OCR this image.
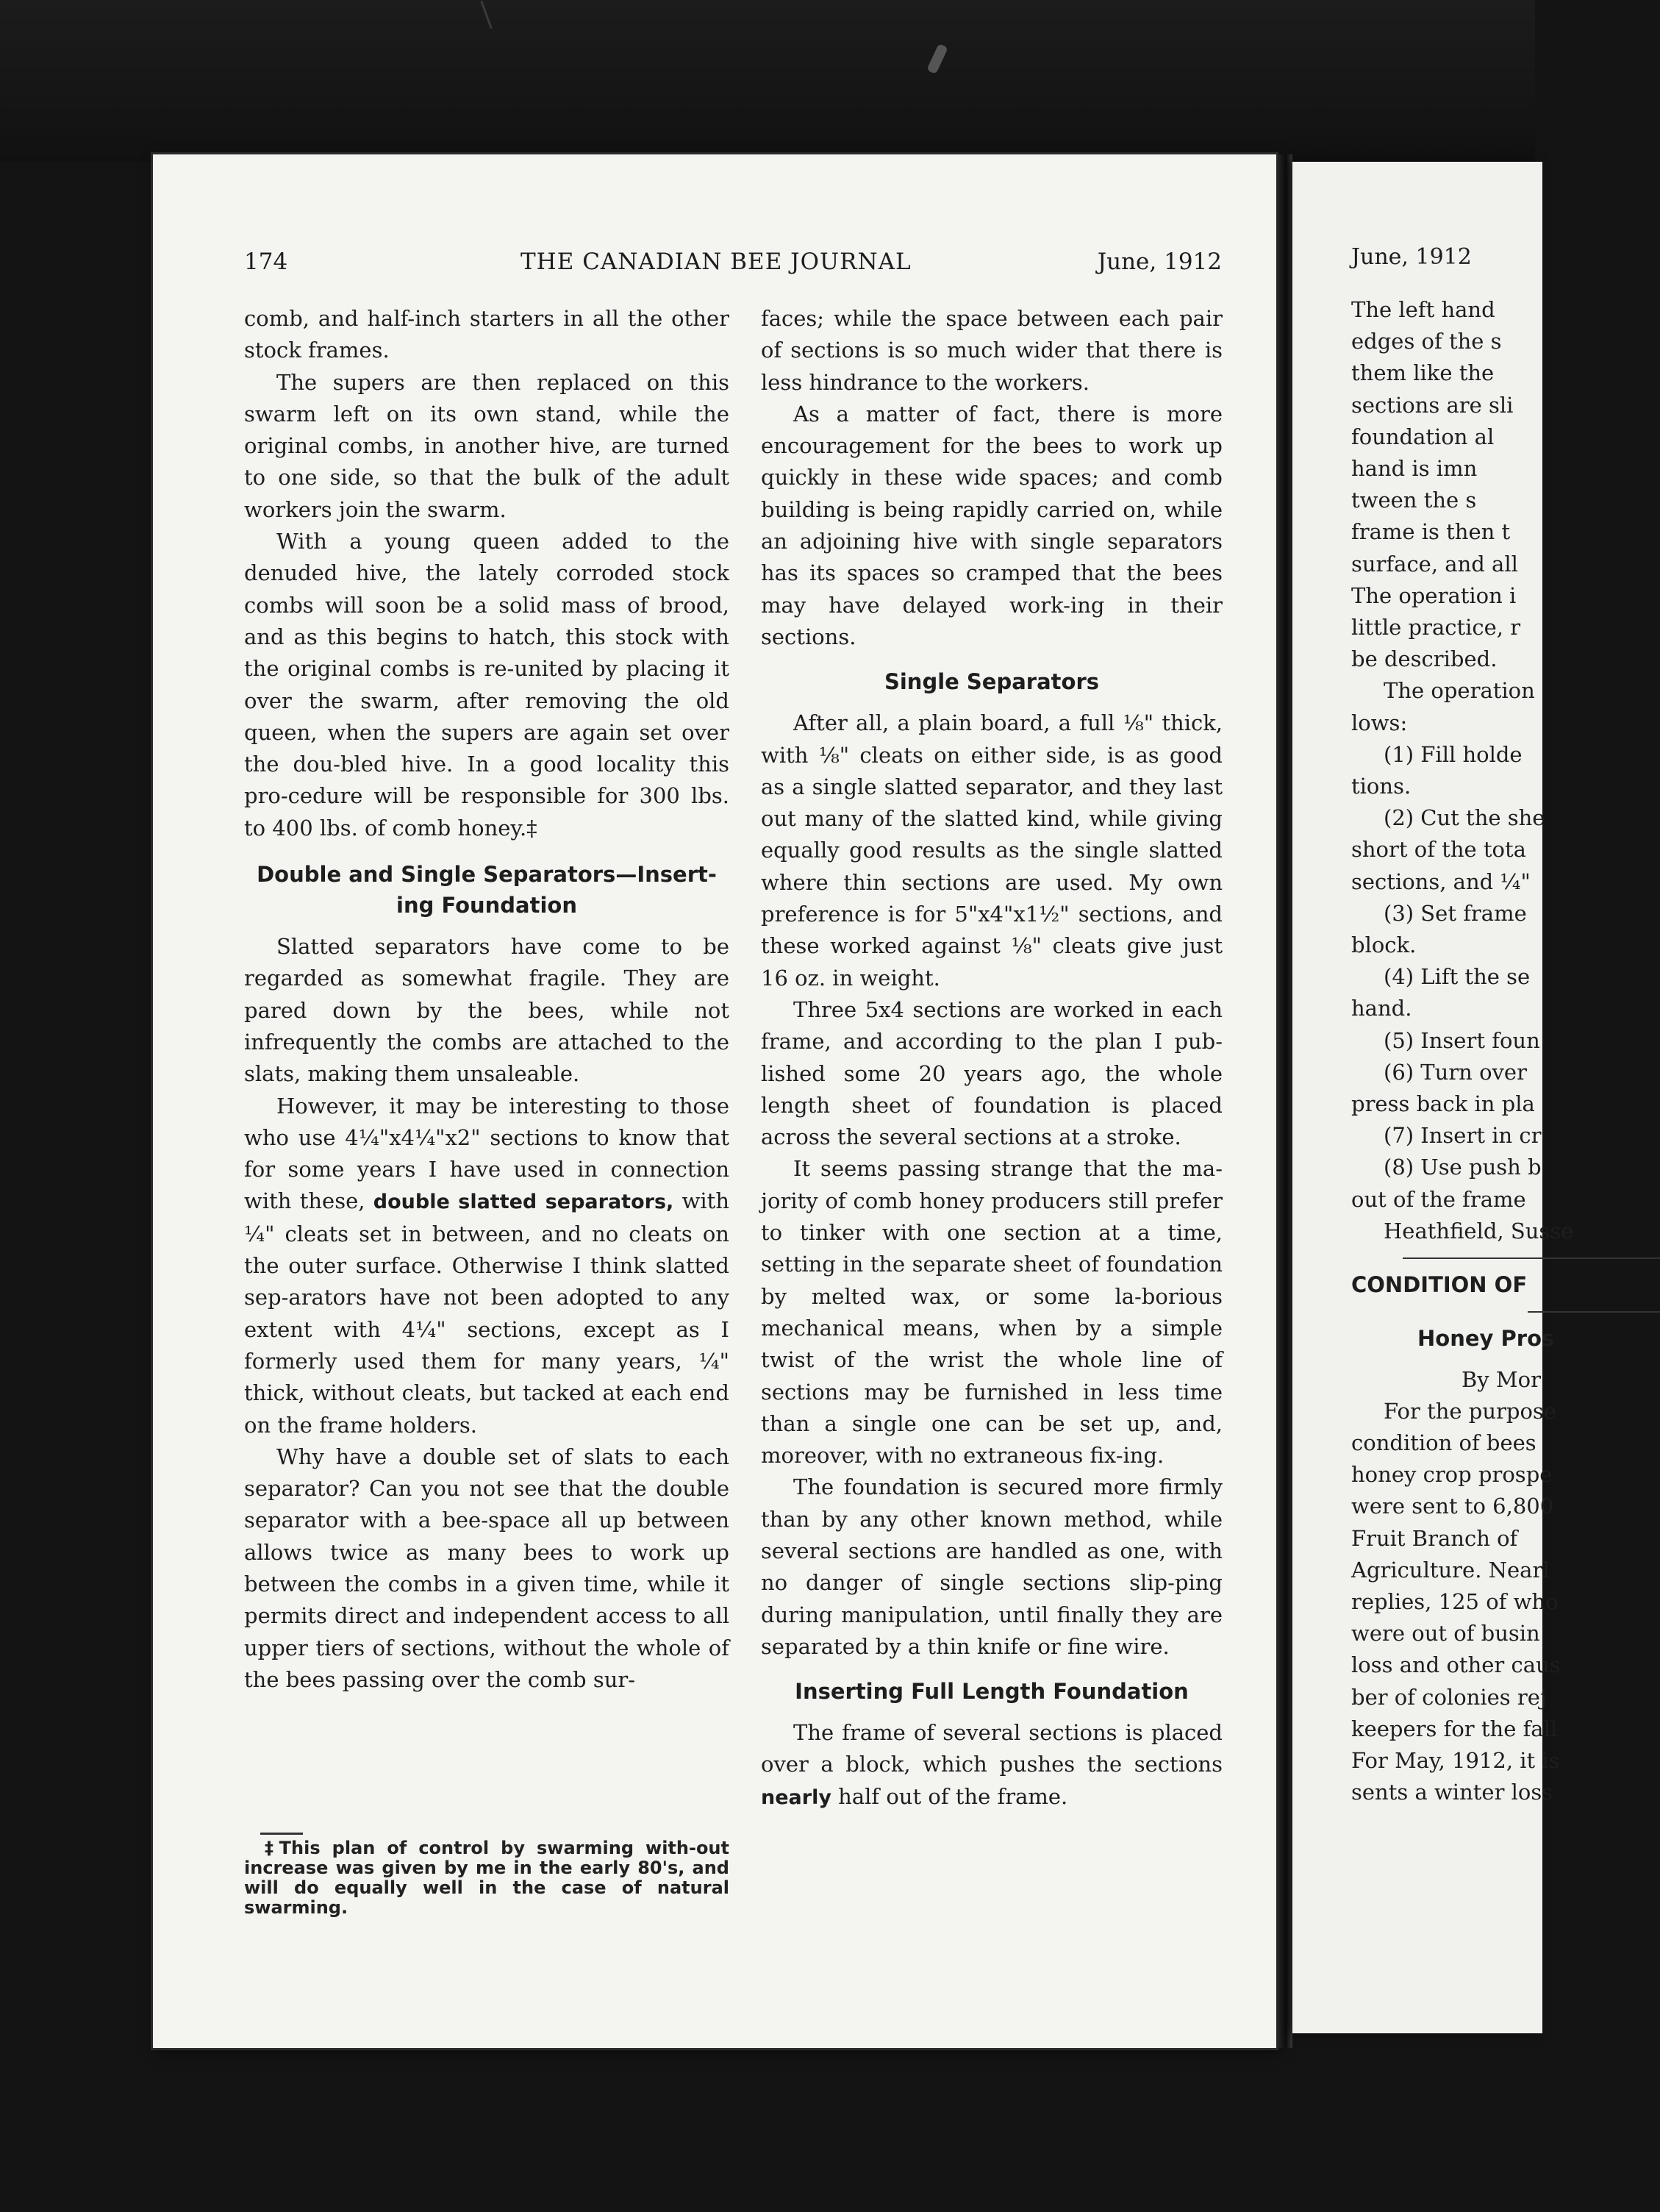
174	THE CANADIAN BEE JOURNAL	June, 1912

comb, and half-inch starters in all the other stock frames.

The supers are then replaced on this swarm left on its own stand, while the original combs, in another hive, are turned to one side, so that the bulk of the adult workers join the swarm.

With a young queen added to the denuded hive, the lately corroded stock combs will soon be a solid mass of brood, and as this begins to hatch, this stock with the original combs is re-united by placing it over the swarm, after removing the old queen, when the supers are again set over the dou-bled hive. In a good locality this pro-cedure will be responsible for 300 lbs. to 400 lbs. of comb honey.‡

Double and Single Separators—Insert-ing Foundation

Slatted separators have come to be regarded as somewhat fragile. They are pared down by the bees, while not infrequently the combs are attached to the slats, making them unsaleable.

However, it may be interesting to those who use 4¼"x4¼"x2" sections to know that for some years I have used in connection with these, double slatted separators, with ¼" cleats set in between, and no cleats on the outer surface. Otherwise I think slatted sep-arators have not been adopted to any extent with 4¼" sections, except as I formerly used them for many years, ¼" thick, without cleats, but tacked at each end on the frame holders.

Why have a double set of slats to each separator? Can you not see that the double separator with a bee-space all up between allows twice as many bees to work up between the combs in a given time, while it permits direct and independent access to all upper tiers of sections, without the whole of the bees passing over the comb sur-

‡This plan of control by swarming with-out increase was given by me in the early 80's, and will do equally well in the case of natural swarming.

faces; while the space between each pair of sections is so much wider that there is less hindrance to the workers.

As a matter of fact, there is more encouragement for the bees to work up quickly in these wide spaces; and comb building is being rapidly carried on, while an adjoining hive with single separators has its spaces so cramped that the bees may have delayed work-ing in their sections.

Single Separators

After all, a plain board, a full ⅛" thick, with ⅛" cleats on either side, is as good as a single slatted separator, and they last out many of the slatted kind, while giving equally good results as the single slatted where thin sections are used. My own preference is for 5"x4"x1½" sections, and these worked against ⅛" cleats give just 16 oz. in weight.

Three 5x4 sections are worked in each frame, and according to the plan I pub-lished some 20 years ago, the whole length sheet of foundation is placed across the several sections at a stroke.

It seems passing strange that the ma-jority of comb honey producers still prefer to tinker with one section at a time, setting in the separate sheet of foundation by melted wax, or some la-borious mechanical means, when by a simple twist of the wrist the whole line of sections may be furnished in less time than a single one can be set up, and, moreover, with no extraneous fix-ing.

The foundation is secured more firmly than by any other known method, while several sections are handled as one, with no danger of single sections slip-ping during manipulation, until finally they are separated by a thin knife or fine wire.

Inserting Full Length Foundation

The frame of several sections is placed over a block, which pushes the sections nearly half out of the frame.

June, 1912
The left hand
edges of the s
them like the
sections are sli
foundation al
hand is imn
tween the s
frame is then t
surface, and all
The operation i
little practice, r
be described.
The operation
lows:
(1) Fill holde
tions.
(2) Cut the she
short of the tota
sections, and ¼"
(3) Set frame
block.
(4) Lift the se
hand.
(5) Insert foun
(6) Turn over
press back in pla
(7) Insert in cr
(8) Use push b
out of the frame
Heathfield, Susse
CONDITION OF
Honey Pros
By Mor
For the purpose
condition of bees
honey crop prospe
were sent to 6,800
Fruit Branch of
Agriculture. Nearl
replies, 125 of who
were out of busin
loss and other caus
ber of colonies rej
keepers for the fall
For May, 1912, it is
sents a winter loss
